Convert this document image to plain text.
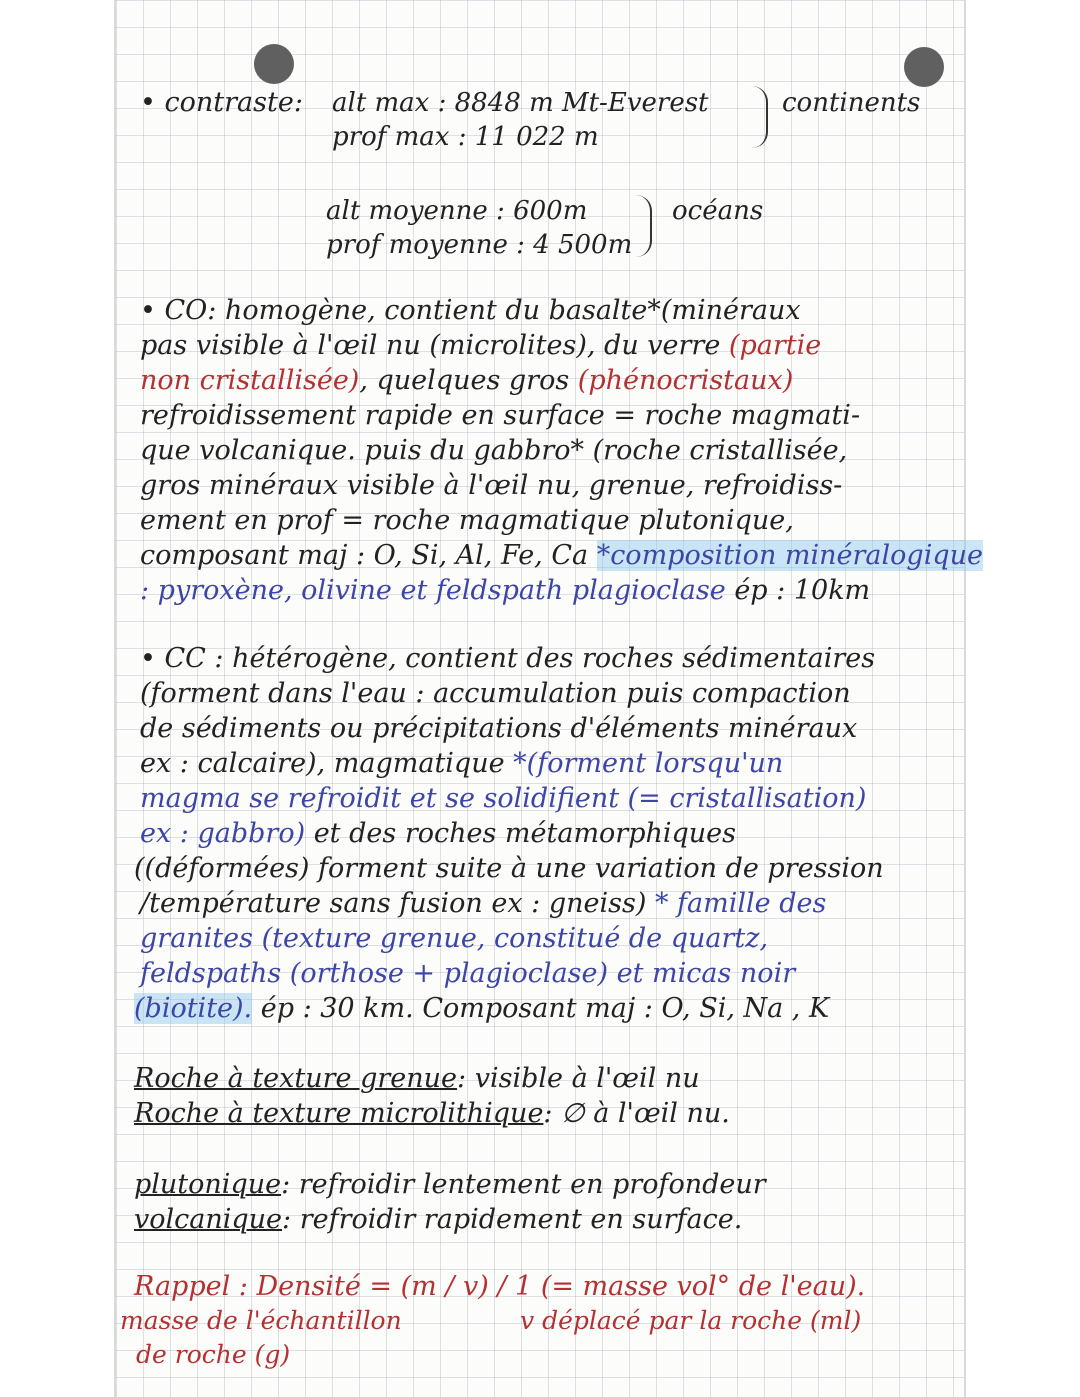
• contraste: alt max : 8848 m Mt-Everest
prof max : 11 022 m
continents
alt moyenne : 600m
prof moyenne : 4 500m
océans
• CO: homogène, contient du basalte*(minéraux
pas visible à l'œil nu (microlites), du verre (partie
non cristallisée), quelques gros (phénocristaux)
refroidissement rapide en surface = roche magmati-
que volcanique. puis du gabbro* (roche cristallisée,
gros minéraux visible à l'œil nu, grenue, refroidiss-
ement en prof = roche magmatique plutonique,
composant maj : O, Si, Al, Fe, Ca *composition minéralogique
: pyroxène, olivine et feldspath plagioclase ép : 10km
• CC : hétérogène, contient des roches sédimentaires
(forment dans l'eau : accumulation puis compaction
de sédiments ou précipitations d'éléments minéraux
ex : calcaire), magmatique *(forment lorsqu'un
magma se refroidit et se solidifient (= cristallisation)
ex : gabbro) et des roches métamorphiques
((déformées) forment suite à une variation de pression
/température sans fusion ex : gneiss) * famille des
granites (texture grenue, constitué de quartz,
feldspaths (orthose + plagioclase) et micas noir
(biotite). ép : 30 km. Composant maj : O, Si, Na , K
Roche à texture grenue: visible à l'œil nu
Roche à texture microlithique: ∅ à l'œil nu.
plutonique: refroidir lentement en profondeur
volcanique: refroidir rapidement en surface.
Rappel : Densité = (m / v) / 1 (= masse vol° de l'eau).
masse de l'échantillon	v déplacé par la roche (ml)
de roche (g)
